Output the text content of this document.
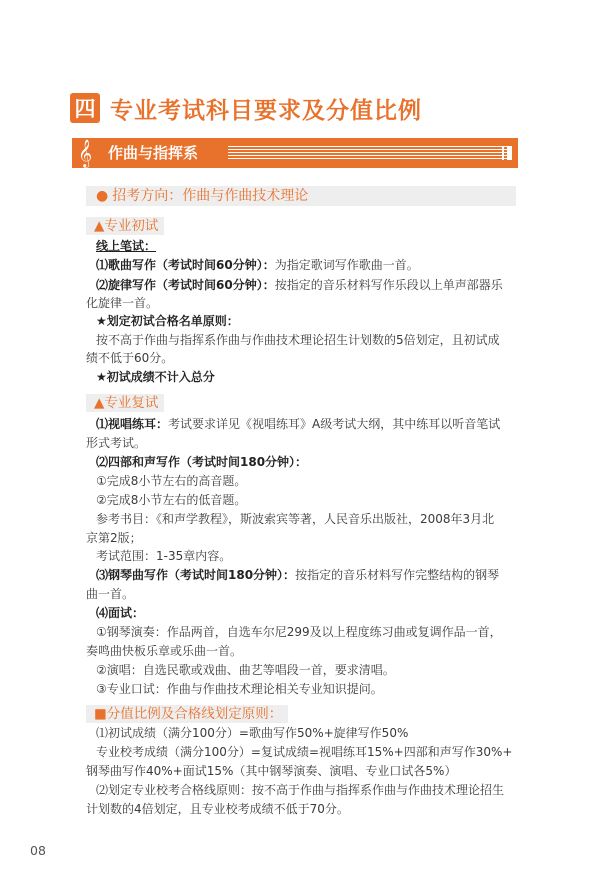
四 专业考试科目要求及分值比例
𝄞	作曲与指挥系
● 招考方向：作曲与作曲技术理论
▲专业初试
线上笔试：
⑴歌曲写作（考试时间60分钟）：为指定歌词写作歌曲一首。
⑵旋律写作（考试时间60分钟）：按指定的音乐材料写作乐段以上单声部器乐
化旋律一首。
★划定初试合格名单原则：
按不高于作曲与指挥系作曲与作曲技术理论招生计划数的5倍划定，且初试成
绩不低于60分。
★初试成绩不计入总分
▲专业复试
⑴视唱练耳：考试要求详见《视唱练耳》A级考试大纲，其中练耳以听音笔试
形式考试。
⑵四部和声写作（考试时间180分钟）：
①完成8小节左右的高音题。
②完成8小节左右的低音题。
参考书目：《和声学教程》，斯波索宾等著，人民音乐出版社，2008年3月北
京第2版；
考试范围：1-35章内容。
⑶钢琴曲写作（考试时间180分钟）：按指定的音乐材料写作完整结构的钢琴
曲一首。
⑷面试：
①钢琴演奏：作品两首，自选车尔尼299及以上程度练习曲或复调作品一首，
奏鸣曲快板乐章或乐曲一首。
②演唱：自选民歌或戏曲、曲艺等唱段一首，要求清唱。
③专业口试：作曲与作曲技术理论相关专业知识提问。
■分值比例及合格线划定原则：
⑴初试成绩（满分100分）=歌曲写作50%+旋律写作50%
专业校考成绩（满分100分）=复试成绩=视唱练耳15%+四部和声写作30%+
钢琴曲写作40%+面试15%（其中钢琴演奏、演唱、专业口试各5%）
⑵划定专业校考合格线原则：按不高于作曲与指挥系作曲与作曲技术理论招生
计划数的4倍划定，且专业校考成绩不低于70分。
08
